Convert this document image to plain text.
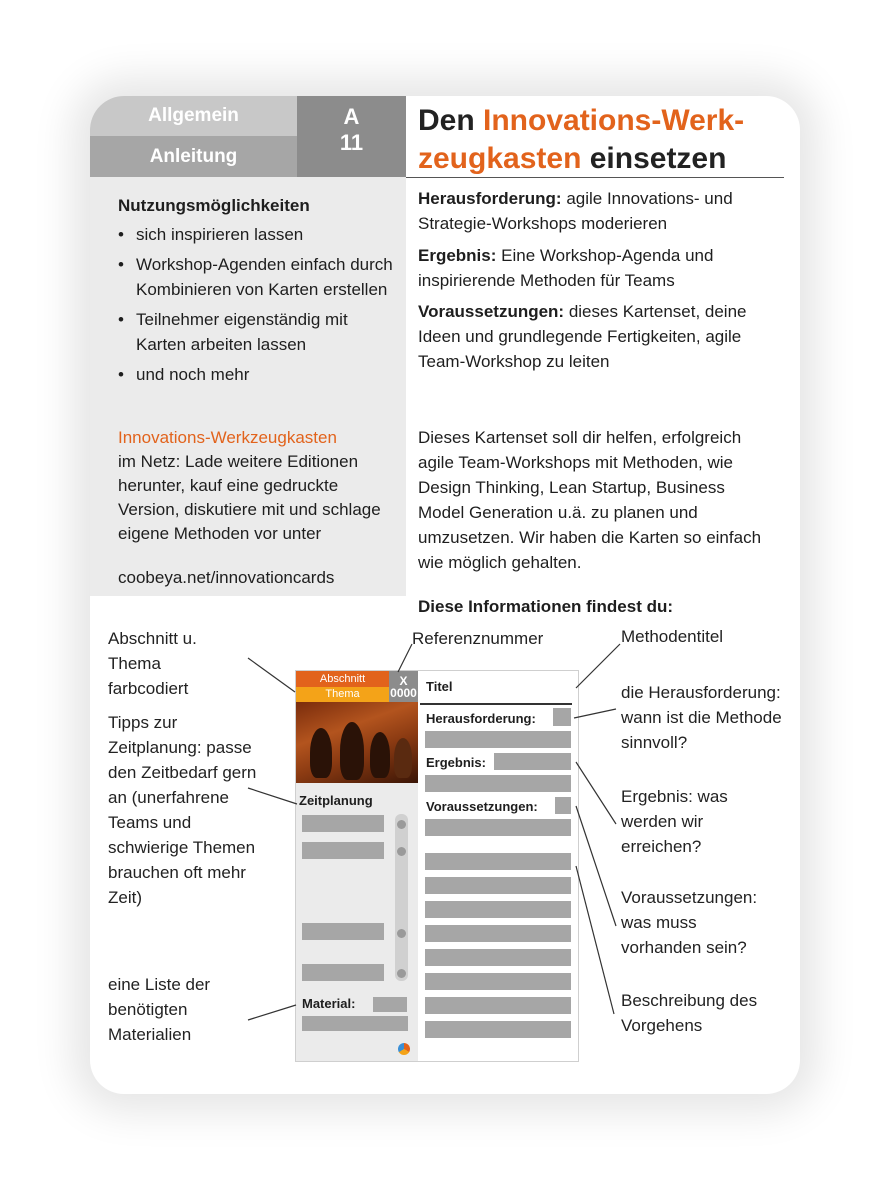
Allgemein
Anleitung
A
11
Den Innovations-Werk-
zeugkasten einsetzen
Nutzungsmöglichkeiten
• sich inspirieren lassen
• Workshop-Agenden einfach durch Kombinieren von Karten erstellen
• Teilnehmer eigenständig mit Karten arbeiten lassen
• und noch mehr
Innovations-Werkzeugkasten
im Netz: Lade weitere Editionen herunter, kauf eine gedruckte Version, diskutiere mit und schlage eigene Methoden vor unter
coobeya.net/innovationcards
Herausforderung: agile Innovations- und Strategie-Workshops moderieren
Ergebnis: Eine Workshop-Agenda und inspirierende Methoden für Teams
Voraussetzungen: dieses Kartenset, deine Ideen und grundlegende Fertigkeiten, agile Team-Workshop zu leiten
Dieses Kartenset soll dir helfen, erfolgreich agile Team-Workshops mit Methoden, wie Design Thinking, Lean Startup, Business Model Generation u.ä. zu planen und umzusetzen. Wir haben die Karten so einfach wie möglich gehalten.
Diese Informationen findest du:
Abschnitt u. Thema farbcodiert
Referenznummer	Methodentitel
Tipps zur Zeitplanung: passe den Zeitbedarf gern an (unerfahrene Teams und schwierige Themen brauchen oft mehr Zeit)
die Herausforderung: wann ist die Methode sinnvoll?
Ergebnis: was werden wir erreichen?
Voraussetzungen: was muss vorhanden sein?
eine Liste der benötigten Materialien
Beschreibung des Vorgehens
Abschnitt
Thema
X
0000
Zeitplanung
Material:
Titel
Herausforderung:
Ergebnis:
Voraussetzungen:
